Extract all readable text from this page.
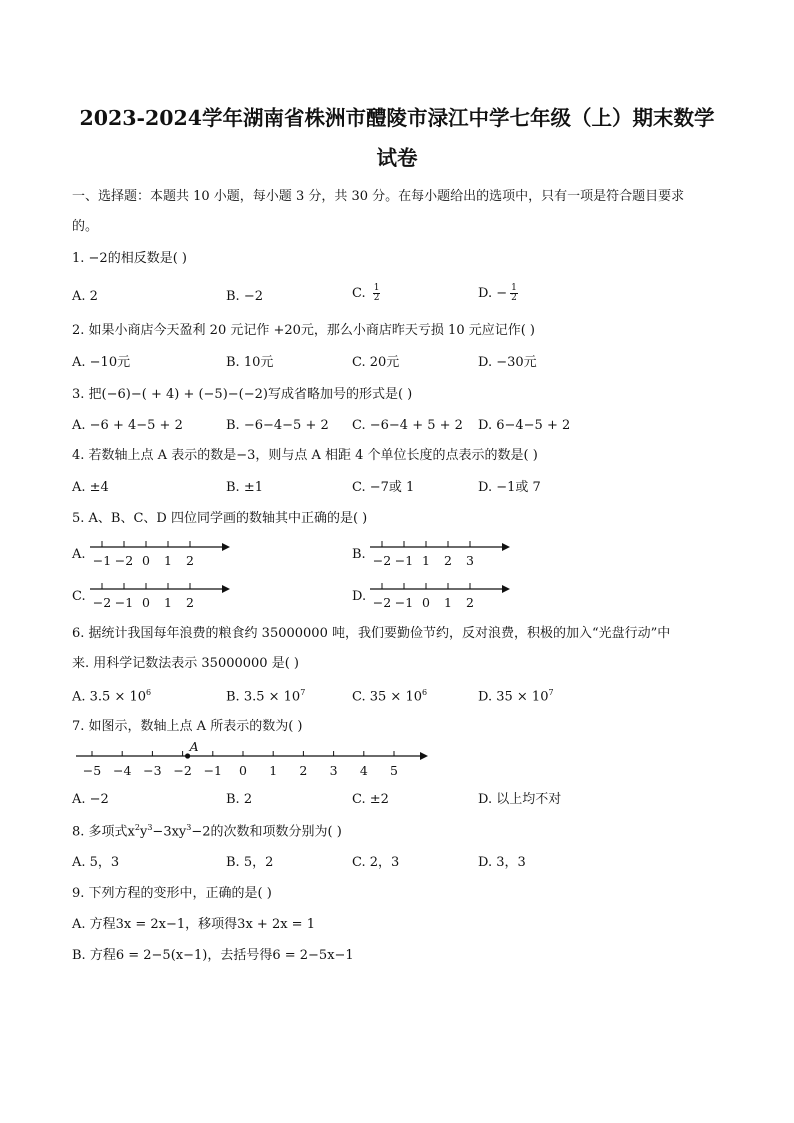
2023-2024学年湖南省株洲市醴陵市渌江中学七年级（上）期末数学
试卷
一、选择题：本题共 10 小题，每小题 3 分，共 30 分。在每小题给出的选项中，只有一项是符合题目要求
的。
1. −2的相反数是( )
A. 2	B. −2	C. $\frac{1}{2}$	D. − $\frac{1}{2}$
2. 如果小商店今天盈利 20 元记作 +20元，那么小商店昨天亏损 10 元应记作( )
A. −10元	B. 10元	C. 20元	D. −30元
3. 把(−6)−( + 4) + (−5)−(−2)写成省略加号的形式是( )
A. −6 + 4−5 + 2	B. −6−4−5 + 2 C. −6−4 + 5 + 2 D. 6−4−5 + 2
4. 若数轴上点 A 表示的数是−3，则与点 A 相距 4 个单位长度的点表示的数是( )
A. ±4	B. ±1	C. −7或 1	D. −1或 7
5. A、B、C、D 四位同学画的数轴其中正确的是( )
A. −1 −2 0 1 2	B. −2 −1 1 2 3
C. −2 −1 0 1 2	D. −2 −1 0 1 2
6. 据统计我国每年浪费的粮食约 35000000 吨，我们要勤俭节约，反对浪费，积极的加入“光盘行动”中
来. 用科学记数法表示 35000000 是( )
A. $3.5 \times 10^6$	B. $3.5 \times 10^7$	C. $35 \times 10^6$	D. $35 \times 10^7$
7. 如图示，数轴上点 A 所表示的数为( )
−5 −4 −3 −2 −1 0 1 2 3 4 5
A
A. −2	B. 2	C. ±2	D. 以上均不对
8. 多项式$x^2y^3-3xy^3-2$的次数和项数分别为( )
A. 5，3	B. 5，2	C. 2，3	D. 3，3
9. 下列方程的变形中，正确的是( )
A. 方程3x = 2x−1，移项得3x + 2x = 1
B. 方程6 = 2−5(x−1)，去括号得6 = 2−5x−1
